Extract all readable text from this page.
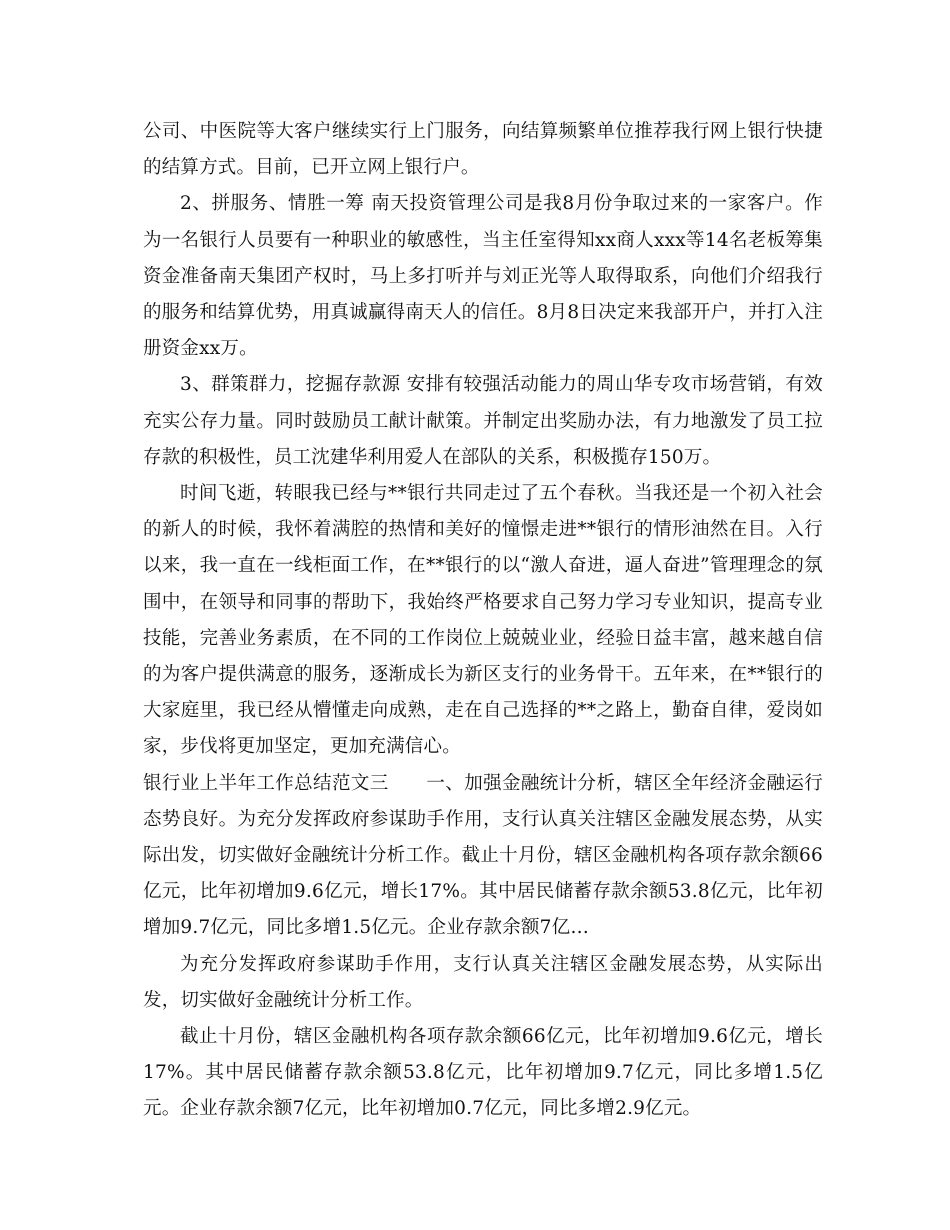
公司、中医院等大客户继续实行上门服务，向结算频繁单位推荐我行网上银行快捷的结算方式。目前，已开立网上银行户。

2、拼服务、情胜一筹 南天投资管理公司是我8月份争取过来的一家客户。作为一名银行人员要有一种职业的敏感性，当主任室得知xx商人xxx等14名老板筹集资金准备南天集团产权时，马上多打听并与刘正光等人取得取系，向他们介绍我行的服务和结算优势，用真诚赢得南天人的信任。8月8日决定来我部开户，并打入注册资金xx万。

3、群策群力，挖掘存款源 安排有较强活动能力的周山华专攻市场营销，有效充实公存力量。同时鼓励员工献计献策。并制定出奖励办法，有力地激发了员工拉存款的积极性，员工沈建华利用爱人在部队的关系，积极揽存150万。

时间飞逝，转眼我已经与**银行共同走过了五个春秋。当我还是一个初入社会的新人的时候，我怀着满腔的热情和美好的憧憬走进**银行的情形油然在目。入行以来，我一直在一线柜面工作，在**银行的以“激人奋进，逼人奋进”管理理念的氛围中，在领导和同事的帮助下，我始终严格要求自己努力学习专业知识，提高专业技能，完善业务素质，在不同的工作岗位上兢兢业业，经验日益丰富，越来越自信的为客户提供满意的服务，逐渐成长为新区支行的业务骨干。五年来，在**银行的大家庭里，我已经从懵懂走向成熟，走在自己选择的**之路上，勤奋自律，爱岗如家，步伐将更加坚定，更加充满信心。

银行业上半年工作总结范文三　　一、加强金融统计分析，辖区全年经济金融运行态势良好。为充分发挥政府参谋助手作用，支行认真关注辖区金融发展态势，从实际出发，切实做好金融统计分析工作。截止十月份，辖区金融机构各项存款余额66亿元，比年初增加9.6亿元，增长17%。其中居民储蓄存款余额53.8亿元，比年初增加9.7亿元，同比多增1.5亿元。企业存款余额7亿…

为充分发挥政府参谋助手作用，支行认真关注辖区金融发展态势，从实际出发，切实做好金融统计分析工作。

截止十月份，辖区金融机构各项存款余额66亿元，比年初增加9.6亿元，增长17%。其中居民储蓄存款余额53.8亿元，比年初增加9.7亿元，同比多增1.5亿元。企业存款余额7亿元，比年初增加0.7亿元，同比多增2.9亿元。
